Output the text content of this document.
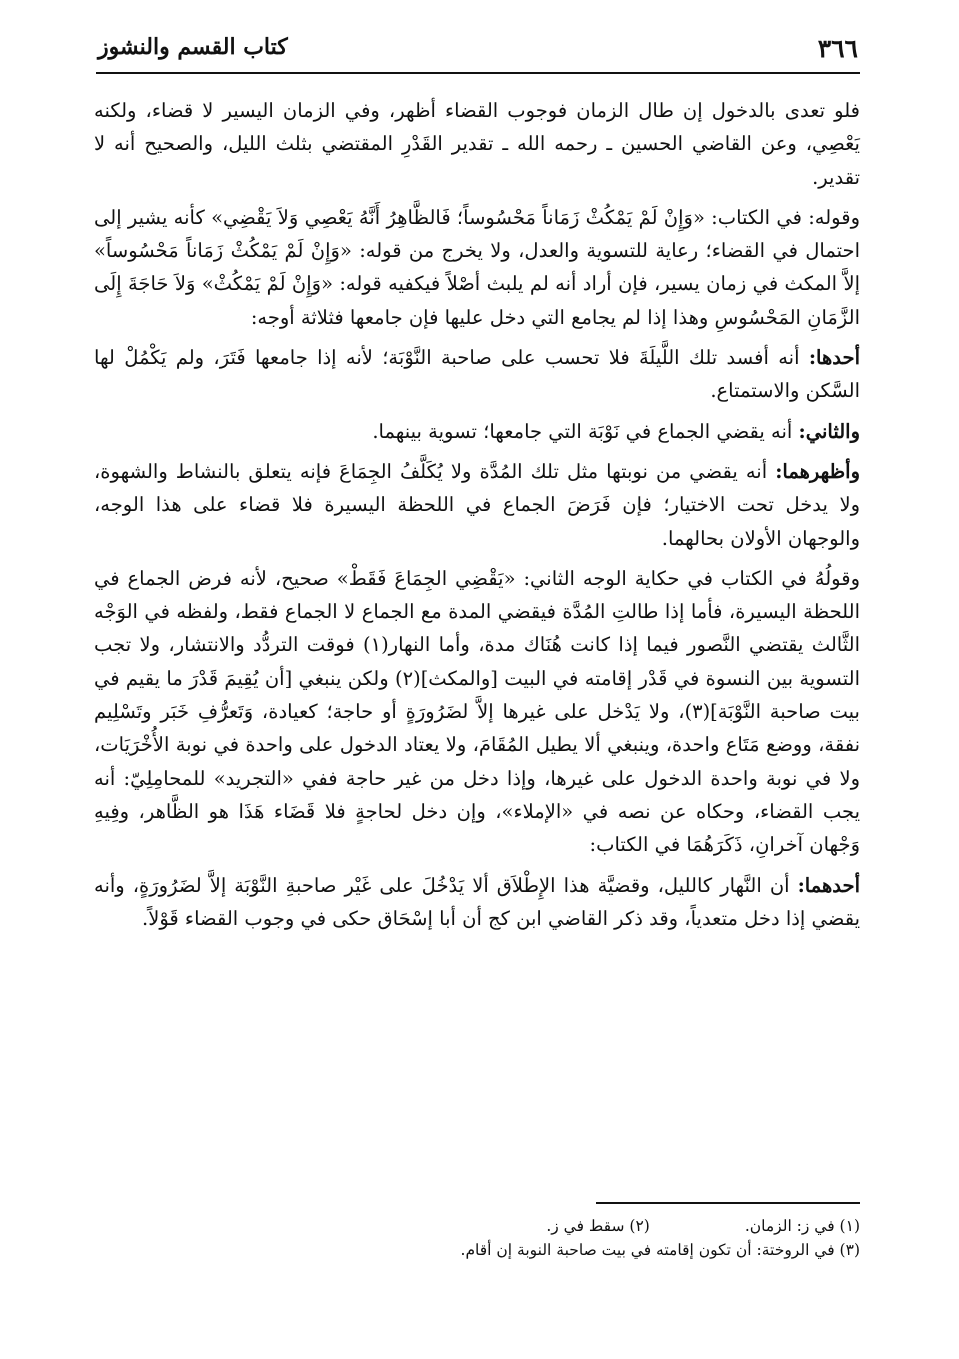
٣٦٦
كتاب القسم والنشوز

فلو تعدى بالدخول إن طال الزمان فوجوب القضاء أظهر، وفي الزمان اليسير لا قضاء، ولكنه يَعْصِي، وعن القاضي الحسين ـ رحمه الله ـ تقدير القَدْرِ المقتضي بثلث الليل، والصحيح أنه لا تقدير.

وقوله: في الكتاب: «وَإِنْ لَمْ يَمْكُثْ زَمَاناً مَحْسُوساً؛ فَالظَّاهِرُ أَنَّهُ يَعْصِي وَلاَ يَقْضِي» كأنه يشير إلى احتمال في القضاء؛ رعاية للتسوية والعدل، ولا يخرج من قوله: «وَإِنْ لَمْ يَمْكُثْ زَمَاناً مَحْسُوساً» إلاَّ المكث في زمان يسير، فإن أراد أنه لم يلبث أصْلاً فيكفيه قوله: «وَإِنْ لَمْ يَمْكُثْ» وَلاَ حَاجَةَ إِلَى الزَّمَانِ المَحْسُوسِ وهذا إذا لم يجامع التي دخل عليها فإن جامعها فثلاثة أوجه:

أحدها: أنه أفسد تلك اللَّيلَةَ فلا تحسب على صاحبة النَّوْبَة؛ لأنه إذا جامعها فَتَرَ، ولم يَكْمُلْ لها السَّكن والاستمتاع.

والثاني: أنه يقضي الجماع في نَوْبَة التي جامعها؛ تسوية بينهما.

وأظهرهما: أنه يقضي من نوبتها مثل تلك المُدَّة ولا يُكَلَّفُ الجِمَاعَ فإنه يتعلق بالنشاط والشهوة، ولا يدخل تحت الاختيار؛ فإن فَرَضَ الجماع في اللحظة اليسيرة فلا قضاء على هذا الوجه، والوجهان الأولان بحالهما.

وقولُهُ في الكتاب في حكاية الوجه الثاني: «يَقْضِي الجِمَاعَ فَقَطْ» صحيح، لأنه فرض الجماع في اللحظة اليسيرة، فأما إذا طالتِ المُدَّة فيقضي المدة مع الجماع لا الجماع فقط، ولفظه في الوَجْه الثَّالث يقتضي النَّصور فيما إذا كانت هُنَاك مدة، وأما النهار(١) فوقت التردُّد والانتشار، ولا تجب التسوية بين النسوة في قَدْر إقامته في البيت [والمكث](٢) ولكن ينبغي [أن يُقِيمَ قَدْرَ ما يقيم في بيت صاحبة النَّوْبَة](٣)، ولا يَدْخل على غيرها إلاَّ لضَرُورَةٍ أو حاجة؛ كعيادة، وَتَعرُّفِ خَبَر وتَسْلِيم نفقة، ووضع مَتَاع واحدة، وينبغي ألا يطيل المُقَامَ، ولا يعتاد الدخول على واحدة في نوبة الأُخْرَيَات، ولا في نوبة واحدة الدخول على غيرها، وإذا دخل من غير حاجة ففي «التجريد» للمحامِلِيّ: أنه يجب القضاء، وحكاه عن نصه في «الإملاء»، وإن دخل لحاجةٍ فلا قَضَاء هَذَا هو الظَّاهر، وفِيهِ وَجْهان آخرانِ، ذَكَرَهُمَا في الكتاب:

أحدهما: أن النَّهار كالليل، وقضيَّة هذا الإِطْلاَق ألا يَدْخُلَ على غَيْر صاحبةِ النَّوْبَة إلاَّ لضَرُورَةٍ، وأنه يقضي إذا دخل متعدياً، وقد ذكر القاضي ابن كج أن أبا إسْحَاق حكى في وجوب القضاء قَوْلاً.

(١) في ز: الزمان.(٢) سقط في ز.
(٣) في الروختة: أن تكون إقامته في بيت صاحبة النوبة إن أقام.
